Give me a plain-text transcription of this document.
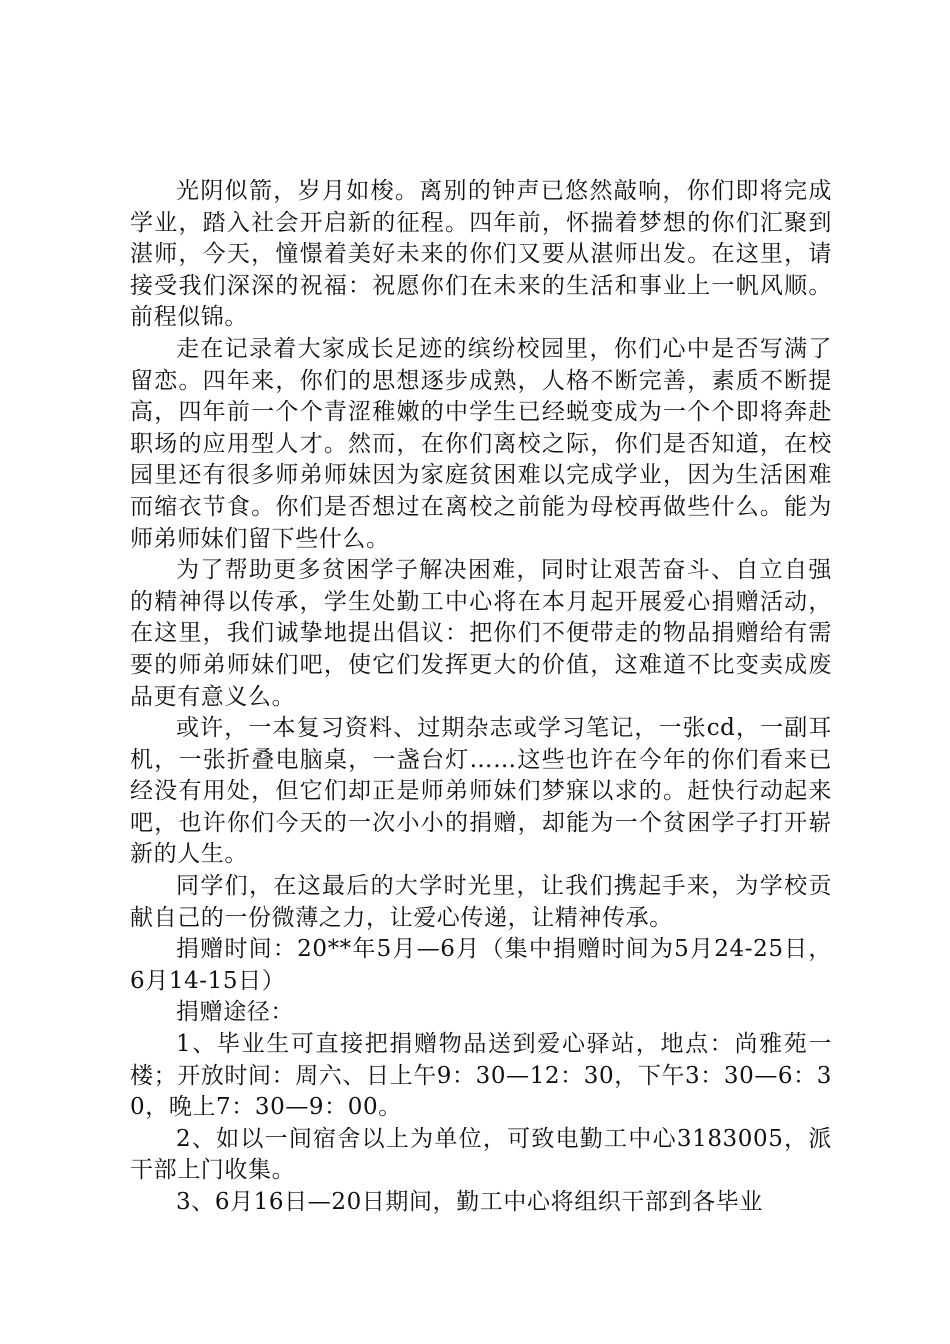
光阴似箭，岁月如梭。离别的钟声已悠然敲响，你们即将完成学业，踏入社会开启新的征程。四年前，怀揣着梦想的你们汇聚到湛师，今天，憧憬着美好未来的你们又要从湛师出发。在这里，请接受我们深深的祝福：祝愿你们在未来的生活和事业上一帆风顺。前程似锦。

走在记录着大家成长足迹的缤纷校园里，你们心中是否写满了留恋。四年来，你们的思想逐步成熟，人格不断完善，素质不断提高，四年前一个个青涩稚嫩的中学生已经蜕变成为一个个即将奔赴职场的应用型人才。然而，在你们离校之际，你们是否知道，在校园里还有很多师弟师妹因为家庭贫困难以完成学业，因为生活困难而缩衣节食。你们是否想过在离校之前能为母校再做些什么。能为师弟师妹们留下些什么。

为了帮助更多贫困学子解决困难，同时让艰苦奋斗、自立自强的精神得以传承，学生处勤工中心将在本月起开展爱心捐赠活动，在这里，我们诚挚地提出倡议：把你们不便带走的物品捐赠给有需要的师弟师妹们吧，使它们发挥更大的价值，这难道不比变卖成废品更有意义么。

或许，一本复习资料、过期杂志或学习笔记，一张cd，一副耳机，一张折叠电脑桌，一盏台灯……这些也许在今年的你们看来已经没有用处，但它们却正是师弟师妹们梦寐以求的。赶快行动起来吧，也许你们今天的一次小小的捐赠，却能为一个贫困学子打开崭新的人生。

同学们，在这最后的大学时光里，让我们携起手来，为学校贡献自己的一份微薄之力，让爱心传递，让精神传承。

捐赠时间：20**年5月—6月（集中捐赠时间为5月24-25日，6月14-15日）

捐赠途径：

1、毕业生可直接把捐赠物品送到爱心驿站，地点：尚雅苑一楼；开放时间：周六、日上午9：30—12：30，下午3：30—6：30，晚上7：30—9：00。

2、如以一间宿舍以上为单位，可致电勤工中心3183005，派干部上门收集。

3、6月16日—20日期间，勤工中心将组织干部到各毕业
